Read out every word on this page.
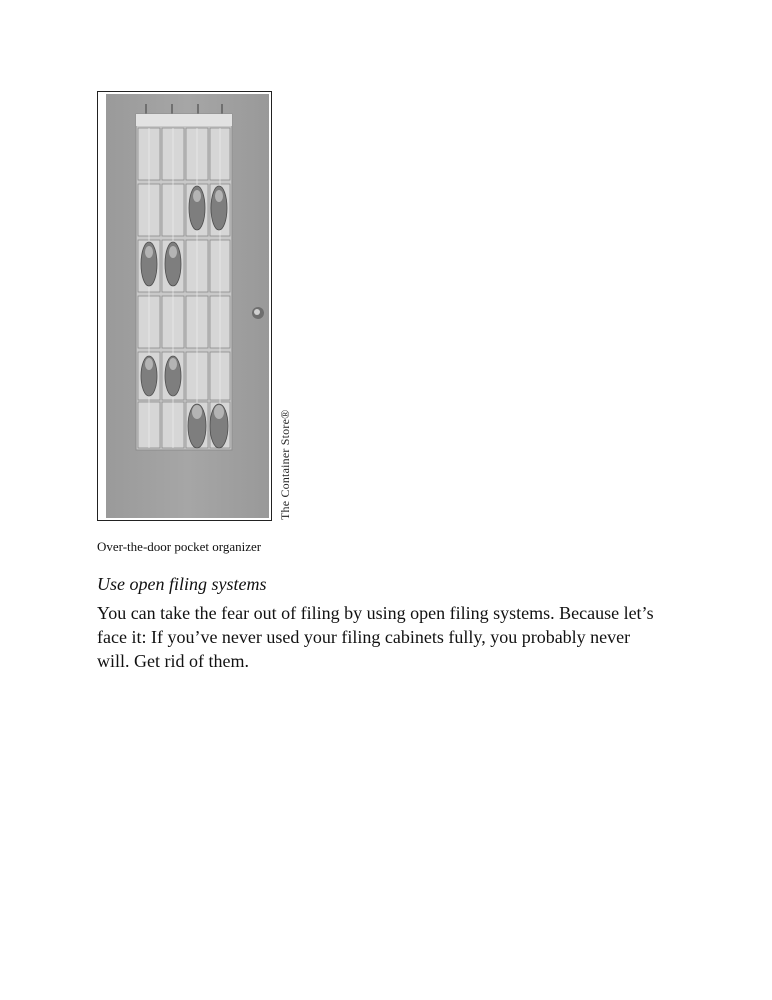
The Container Store®
Over-the-door pocket organizer
Use open filing systems

You can take the fear out of filing by using open filing systems. Because let’s face it: If you’ve never used your filing cabinets fully, you probably never will. Get rid of them.
